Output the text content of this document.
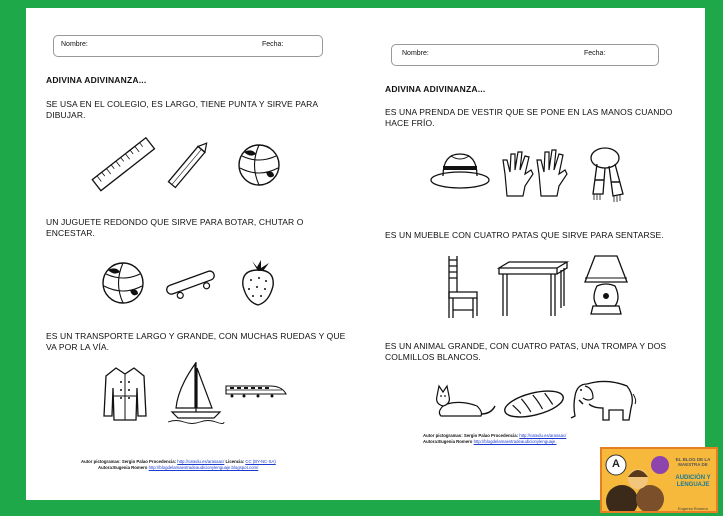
Nombre:	Fecha:
ADIVINA ADIVINANZA...
SE USA EN EL COLEGIO, ES LARGO, TIENE PUNTA Y SIRVE PARA DIBUJAR.
UN JUGUETE REDONDO QUE SIRVE PARA BOTAR, CHUTAR O ENCESTAR.
ES UN TRANSPORTE LARGO Y GRANDE, CON MUCHAS RUEDAS Y QUE VA POR LA VÍA.
Autor pictogramas: Sergio Palao Procedencia: http://catedu.es/arasaac/ Licencia: CC (BY-NC-SA)
Autora:Eugenia Romero http://blogdelamaestradeaudicionylenguaje.blogspot.com/
Nombre:	Fecha:
ADIVINA ADIVINANZA...
ES UNA PRENDA DE VESTIR QUE SE PONE EN LAS MANOS CUANDO HACE FRÍO.
ES UN MUEBLE CON CUATRO PATAS QUE SIRVE PARA SENTARSE.
ES UN ANIMAL GRANDE, CON CUATRO PATAS, UNA TROMPA Y DOS COLMILLOS BLANCOS.
Autor pictogramas: Sergio Palao Procedencia: http://catedu.es/arasaac/
Autora:Eugenia Romero http://blogdelamaestradeaudicionylenguaje.
A	EL BLOG DE LA MAESTRA DE
AUDICIÓN Y LENGUAJE
Eugenia Romero
